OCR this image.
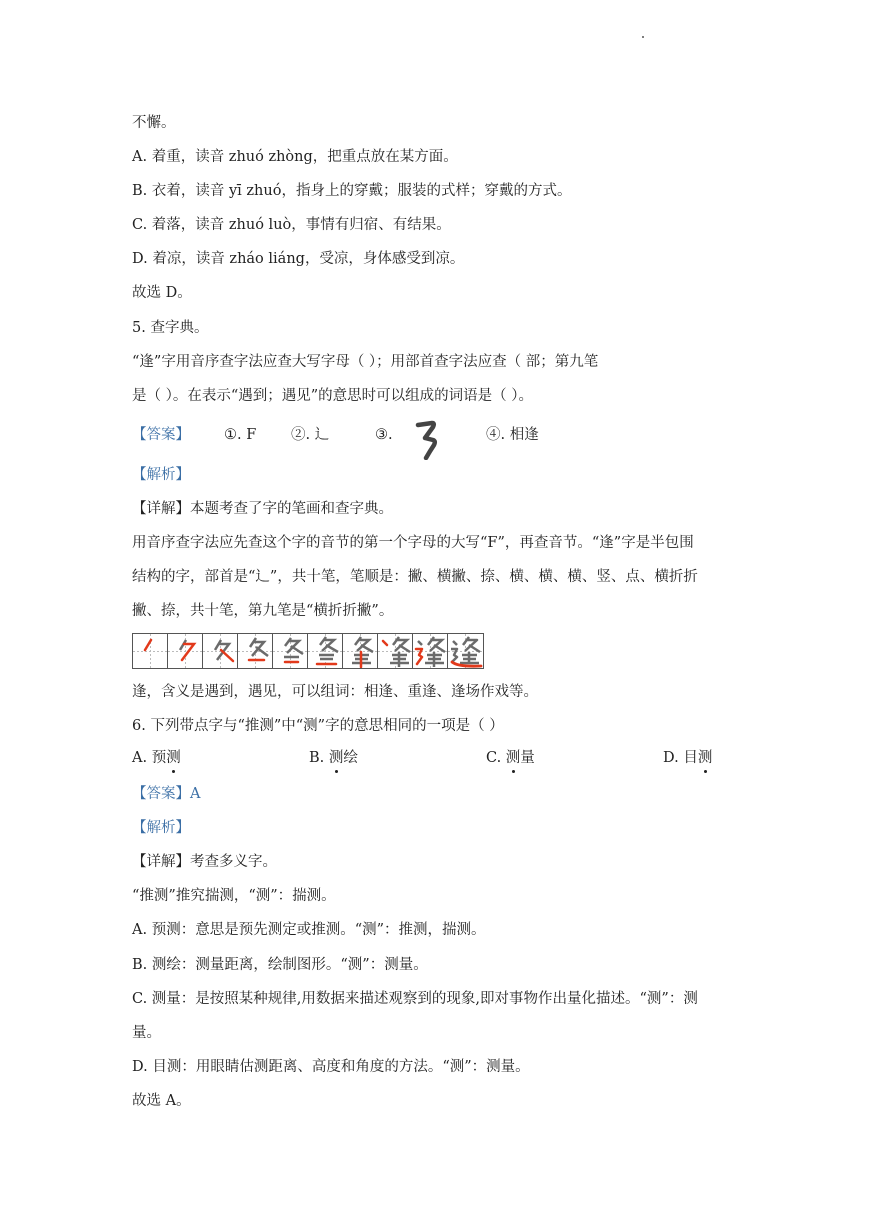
不懈。
A. 着重，读音 zhuó zhòng，把重点放在某方面。
B. 衣着，读音 yī zhuó，指身上的穿戴；服装的式样；穿戴的方式。
C. 着落，读音 zhuó luò，事情有归宿、有结果。
D. 着凉，读音 zháo liáng，受凉，身体感受到凉。
故选 D。
5. 查字典。
“逢”字用音序查字法应查大写字母（ ）；用部首查字法应查（ 部；第九笔
是（ ）。在表示“遇到；遇见”的意思时可以组成的词语是（ ）。
【答案】 ①. F ②. 辶	③.	④. 相逢
【解析】
【详解】本题考查了字的笔画和查字典。
用音序查字法应先查这个字的音节的第一个字母的大写“F”，再查音节。“逢”字是半包围
结构的字，部首是“辶”，共十笔，笔顺是：撇、横撇、捺、横、横、横、竖、点、横折折
撇、捺，共十笔，第九笔是“横折折撇”。
逢，含义是遇到，遇见，可以组词：相逢、重逢、逢场作戏等。
6. 下列带点字与“推测”中“测”字的意思相同的一项是（ ）
A. 预测	B. 测绘	C. 测量	D. 目测
【答案】A
【解析】
【详解】考查多义字。
“推测”推究揣测，“测”：揣测。
A. 预测：意思是预先测定或推测。“测”：推测，揣测。
B. 测绘：测量距离，绘制图形。“测”：测量。
C. 测量：是按照某种规律,用数据来描述观察到的现象,即对事物作出量化描述。“测”：测
量。
D. 目测：用眼睛估测距离、高度和角度的方法。“测”：测量。
故选 A。
